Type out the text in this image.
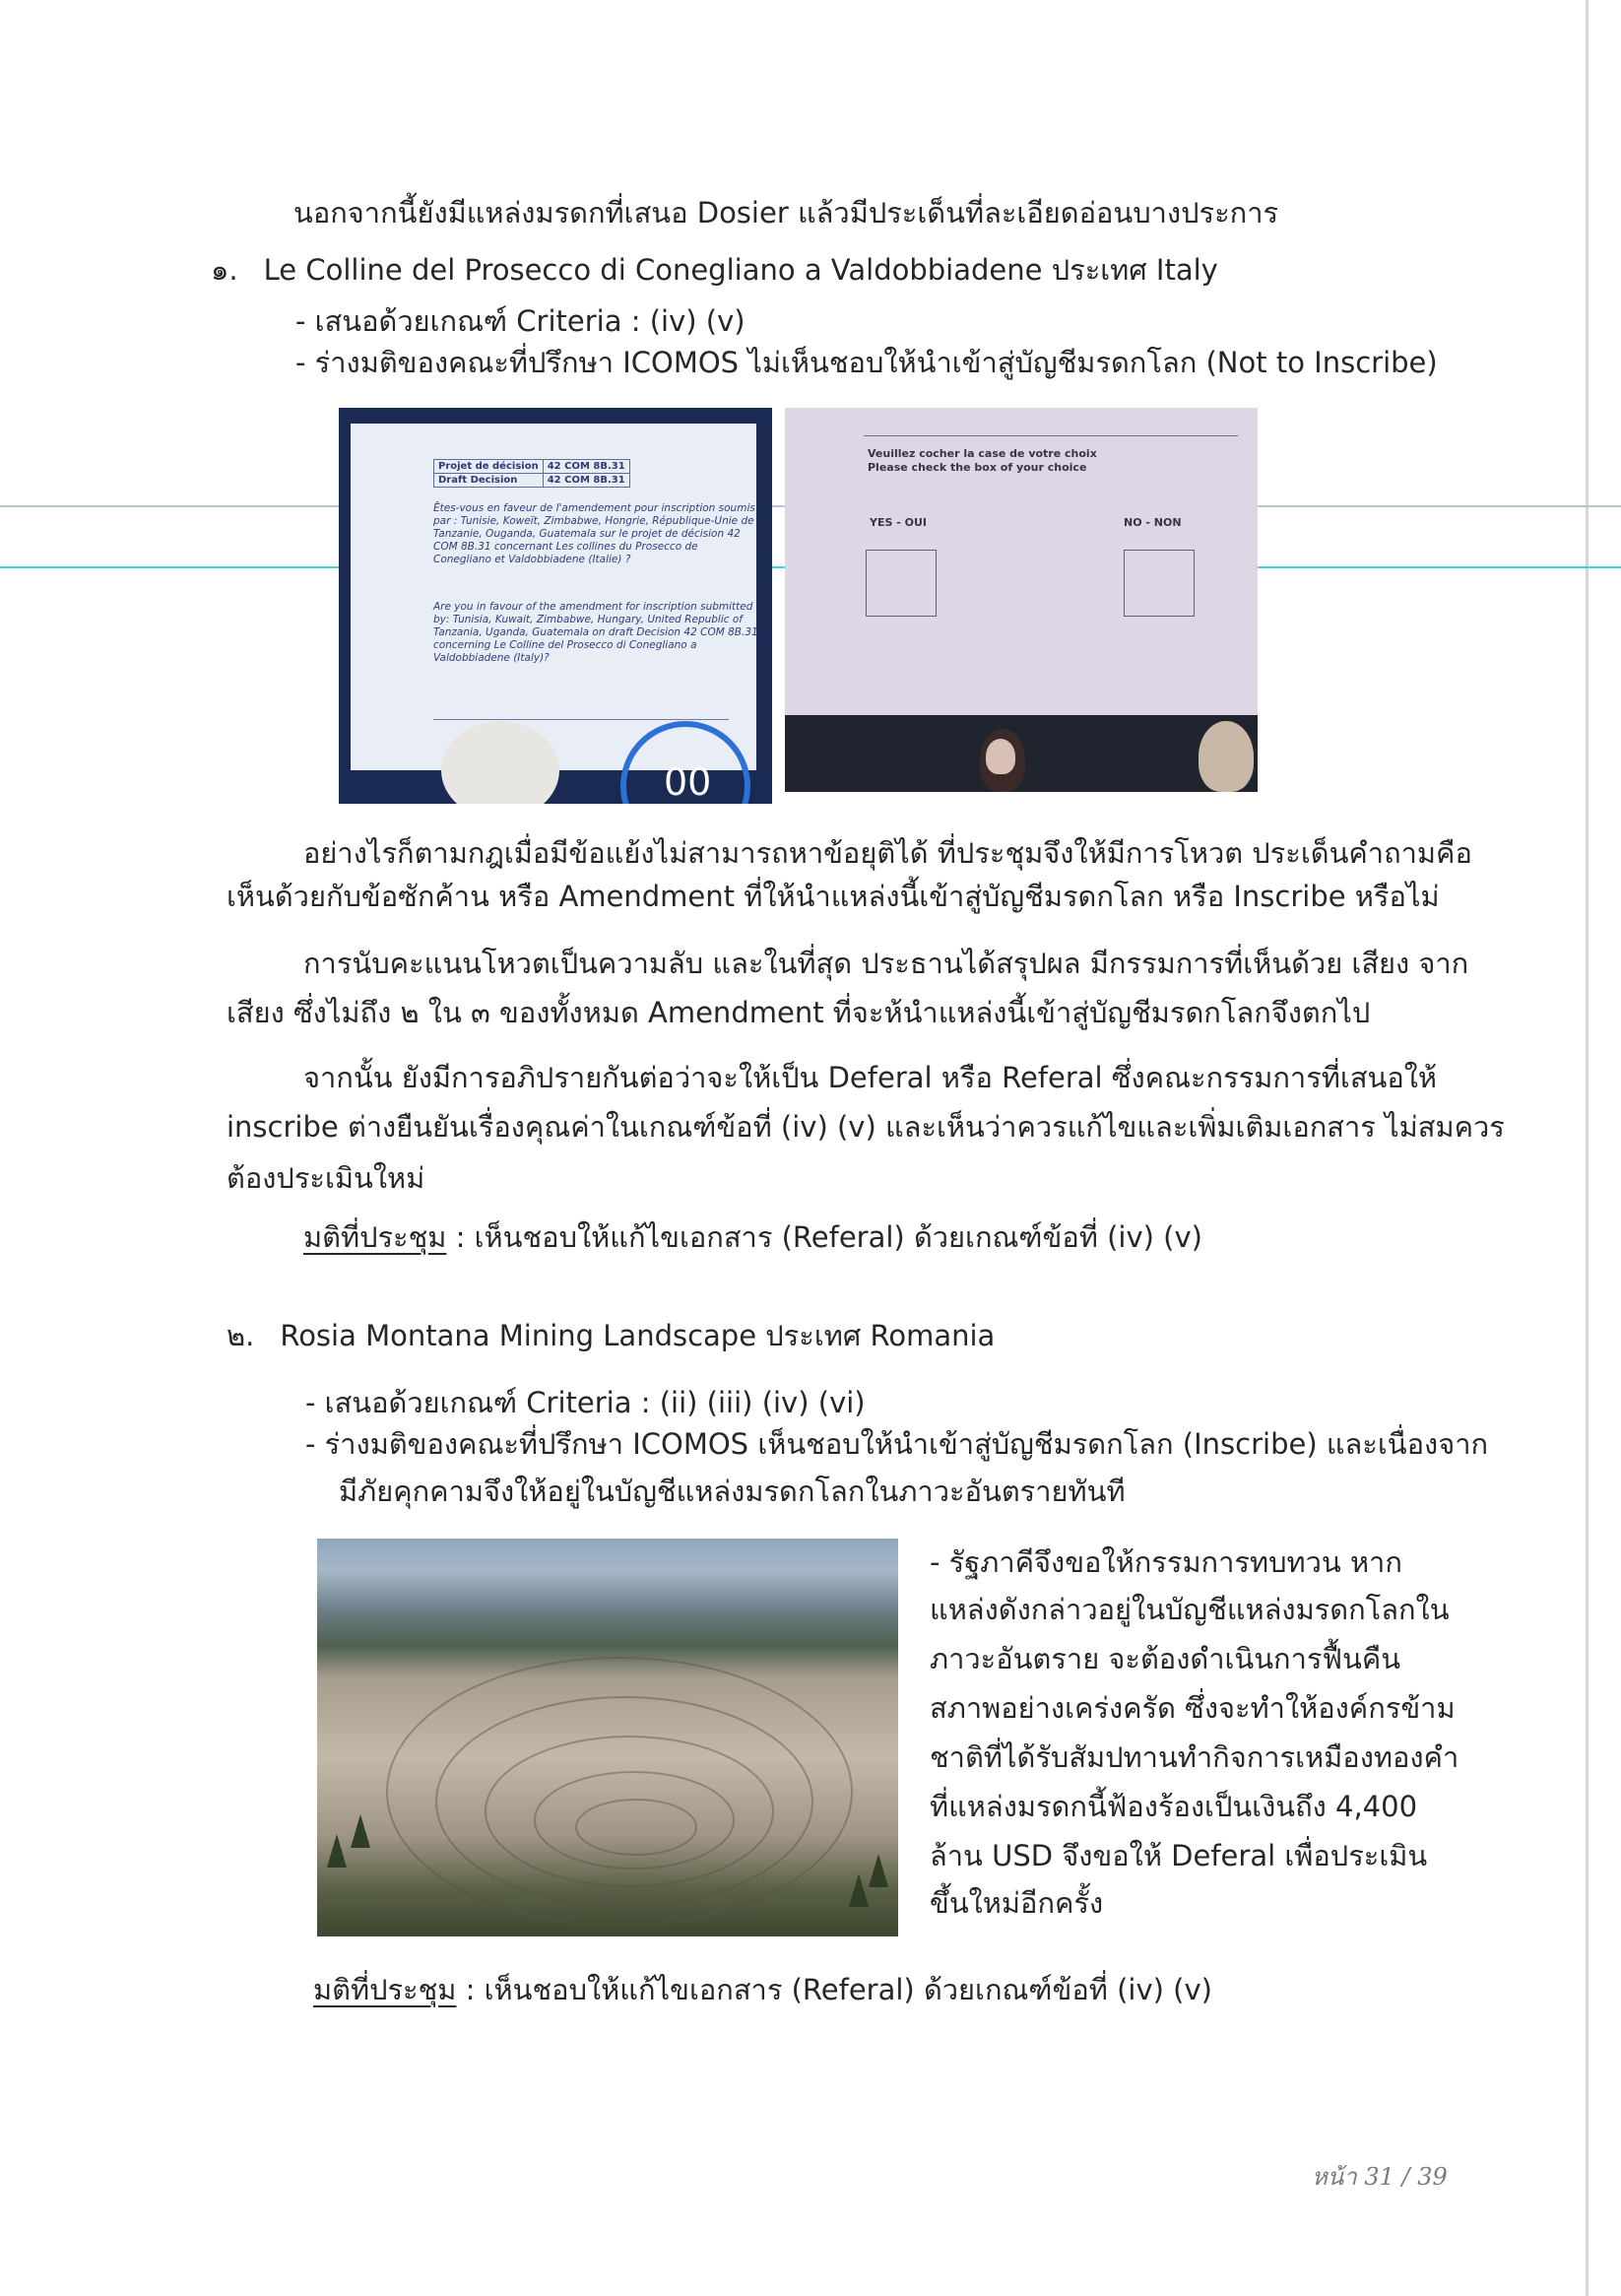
นอกจากนี้ยังมีแหล่งมรดกที่เสนอ Dosier แล้วมีประเด็นที่ละเอียดอ่อนบางประการ
๑. Le Colline del Prosecco di Conegliano a Valdobbiadene ประเทศ Italy
- เสนอด้วยเกณฑ์ Criteria : (iv) (v)
- ร่างมติของคณะที่ปรึกษา ICOMOS ไม่เห็นชอบให้นำเข้าสู่บัญชีมรดกโลก (Not to Inscribe)
Projet de décision	42 COM 8B.31
Draft Decision	42 COM 8B.31
Êtes-vous en faveur de l'amendement pour inscription soumis par : Tunisie, Koweït, Zimbabwe, Hongrie, République-Unie de Tanzanie, Ouganda, Guatemala sur le projet de décision 42 COM 8B.31 concernant Les collines du Prosecco de Conegliano et Valdobbiadene (Italie) ?
Are you in favour of the amendment for inscription submitted by: Tunisia, Kuwait, Zimbabwe, Hungary, United Republic of Tanzania, Uganda, Guatemala on draft Decision 42 COM 8B.31 concerning Le Colline del Prosecco di Conegliano a Valdobbiadene (Italy)?
00
Veuillez cocher la case de votre choix
Please check the box of your choice
YES - OUI	NO - NON
อย่างไรก็ตามกฎเมื่อมีข้อแย้งไม่สามารถหาข้อยุติได้ ที่ประชุมจึงให้มีการโหวต ประเด็นคำถามคือ
เห็นด้วยกับข้อซักค้าน หรือ Amendment ที่ให้นำแหล่งนี้เข้าสู่บัญชีมรดกโลก หรือ Inscribe หรือไม่
การนับคะแนนโหวตเป็นความลับ และในที่สุด ประธานได้สรุปผล มีกรรมการที่เห็นด้วย เสียง จาก
เสียง ซึ่งไม่ถึง ๒ ใน ๓ ของทั้งหมด Amendment ที่จะห้นำแหล่งนี้เข้าสู่บัญชีมรดกโลกจึงตกไป
จากนั้น ยังมีการอภิปรายกันต่อว่าจะให้เป็น Deferal หรือ Referal ซึ่งคณะกรรมการที่เสนอให้
inscribe ต่างยืนยันเรื่องคุณค่าในเกณฑ์ข้อที่ (iv) (v) และเห็นว่าควรแก้ไขและเพิ่มเติมเอกสาร ไม่สมควร
ต้องประเมินใหม่
มติที่ประชุม : เห็นชอบให้แก้ไขเอกสาร (Referal) ด้วยเกณฑ์ข้อที่ (iv) (v)
๒. Rosia Montana Mining Landscape ประเทศ Romania
- เสนอด้วยเกณฑ์ Criteria : (ii) (iii) (iv) (vi)
- ร่างมติของคณะที่ปรึกษา ICOMOS เห็นชอบให้นำเข้าสู่บัญชีมรดกโลก (Inscribe) และเนื่องจาก
มีภัยคุกคามจึงให้อยู่ในบัญชีแหล่งมรดกโลกในภาวะอันตรายทันที
- รัฐภาคีจึงขอให้กรรมการทบทวน หาก
แหล่งดังกล่าวอยู่ในบัญชีแหล่งมรดกโลกใน
ภาวะอันตราย จะต้องดำเนินการฟื้นคืน
สภาพอย่างเคร่งครัด ซึ่งจะทำให้องค์กรข้าม
ชาติที่ได้รับสัมปทานทำกิจการเหมืองทองคำ
ที่แหล่งมรดกนี้ฟ้องร้องเป็นเงินถึง 4,400
ล้าน USD จึงขอให้ Deferal เพื่อประเมิน
ขึ้นใหม่อีกครั้ง
มติที่ประชุม : เห็นชอบให้แก้ไขเอกสาร (Referal) ด้วยเกณฑ์ข้อที่ (iv) (v)
หน้า 31 / 39
